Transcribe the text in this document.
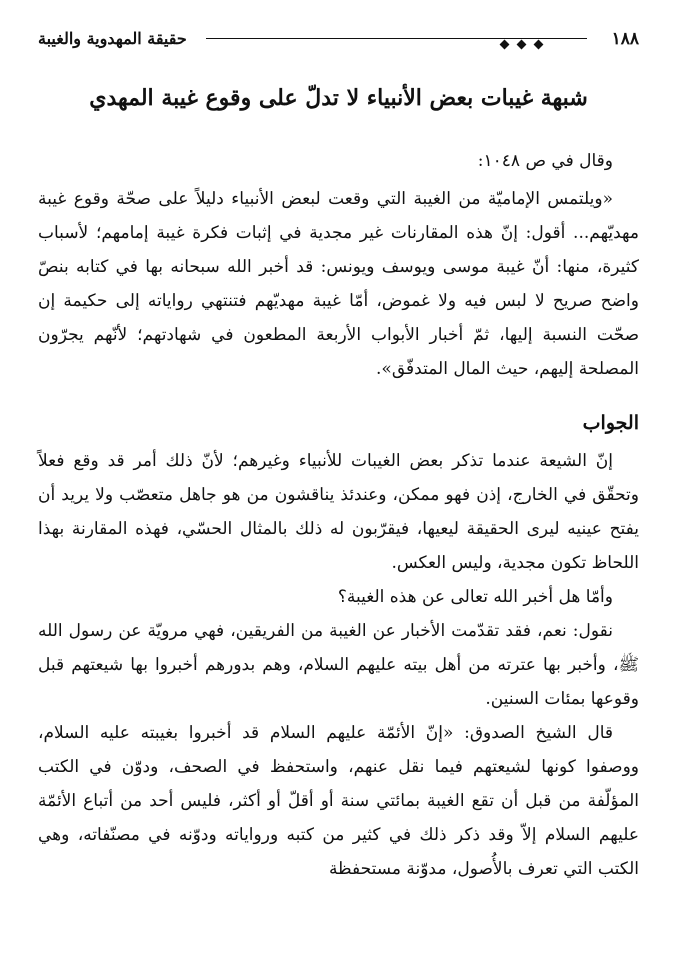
١٨٨
حقيقة المهدوية والغيبة
شبهة غيبات بعض الأنبياء لا تدلّ على وقوع غيبة المهدي

وقال في ص ١٠٤٨:

«ويلتمس الإماميّة من الغيبة التي وقعت لبعض الأنبياء دليلاً على صحّة وقوع غيبة مهديّهم... أقول: إنّ هذه المقارنات غير مجدية في إثبات فكرة غيبة إمامهم؛ لأسباب كثيرة، منها: أنّ غيبة موسى ويوسف ويونس: قد أخبر الله سبحانه بها في كتابه بنصّ واضح صريح لا لبس فيه ولا غموض، أمّا غيبة مهديّهم فتنتهي رواياته إلى حكيمة إن صحّت النسبة إليها، ثمّ أخبار الأبواب الأربعة المطعون في شهادتهم؛ لأنّهم يجرّون المصلحة إليهم، حيث المال المتدفّق».

الجواب

إنّ الشيعة عندما تذكر بعض الغيبات للأنبياء وغيرهم؛ لأنّ ذلك أمر قد وقع فعلاً وتحقّق في الخارج، إذن فهو ممكن، وعندئذ يناقشون من هو جاهل متعصّب ولا يريد أن يفتح عينيه ليرى الحقيقة ليعيها، فيقرّبون له ذلك بالمثال الحسّي، فهذه المقارنة بهذا اللحاظ تكون مجدية، وليس العكس.

وأمّا هل أخبر الله تعالى عن هذه الغيبة؟

نقول: نعم، فقد تقدّمت الأخبار عن الغيبة من الفريقين، فهي مرويّة عن رسول الله ﷺ، وأخبر بها عترته من أهل بيته عليهم السلام، وهم بدورهم أخبروا بها شيعتهم قبل وقوعها بمئات السنين.

قال الشيخ الصدوق: «إنّ الأئمّة عليهم السلام قد أخبروا بغيبته عليه السلام، ووصفوا كونها لشيعتهم فيما نقل عنهم، واستحفظ في الصحف، ودوّن في الكتب المؤلّفة من قبل أن تقع الغيبة بمائتي سنة أو أقلّ أو أكثر، فليس أحد من أتباع الأئمّة عليهم السلام إلاّ وقد ذكر ذلك في كثير من كتبه ورواياته ودوّنه في مصنّفاته، وهي الكتب التي تعرف بالأُصول، مدوّنة مستحفظة
